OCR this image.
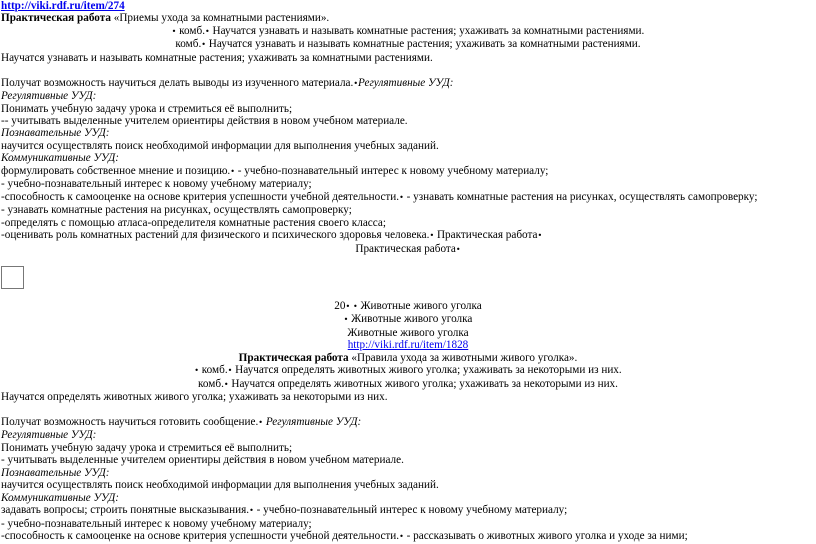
http://viki.rdf.ru/item/274
Практическая работа «Приемы ухода за комнатными растениями».
• комб.• Научатся узнавать и называть комнатные растения; ухаживать за комнатными растениями.
комб.• Научатся узнавать и называть комнатные растения; ухаживать за комнатными растениями.
Научатся узнавать и называть комнатные растения; ухаживать за комнатными растениями.
Получат возможность научиться делать выводы из изученного материала.•Регулятивные УУД:
Регулятивные УУД:
Понимать учебную задачу урока и стремиться её выполнить;
-- учитывать выделенные учителем ориентиры действия в новом учебном материале.
Познавательные УУД:
научится осуществлять поиск необходимой информации для выполнения учебных заданий.
Коммуникативные УУД:
формулировать собственное мнение и позицию.• - учебно-познавательный интерес к новому учебному материалу;
- учебно-познавательный интерес к новому учебному материалу;
-способность к самооценке на основе критерия успешности учебной деятельности.• - узнавать комнатные растения на рисунках, осуществлять самопроверку;
- узнавать комнатные растения на рисунках, осуществлять самопроверку;
-определять с помощью атласа-определителя комнатные растения своего класса;
-оценивать роль комнатных растений для физического и психического здоровья человека.• Практическая работа•
Практическая работа•
20• • Животные живого уголка
• Животные живого уголка
Животные живого уголка
http://viki.rdf.ru/item/1828
Практическая работа «Правила ухода за животными живого уголка».
• комб.• Научатся определять животных живого уголка; ухаживать за некоторыми из них.
комб.• Научатся определять животных живого уголка; ухаживать за некоторыми из них.
Научатся определять животных живого уголка; ухаживать за некоторыми из них.
Получат возможность научиться готовить сообщение.• Регулятивные УУД:
Регулятивные УУД:
Понимать учебную задачу урока и стремиться её выполнить;
- учитывать выделенные учителем ориентиры действия в новом учебном материале.
Познавательные УУД:
научится осуществлять поиск необходимой информации для выполнения учебных заданий.
Коммуникативные УУД:
задавать вопросы; строить понятные высказывания.• - учебно-познавательный интерес к новому учебному материалу;
- учебно-познавательный интерес к новому учебному материалу;
-способность к самооценке на основе критерия успешности учебной деятельности.• - рассказывать о животных живого уголка и уходе за ними;
